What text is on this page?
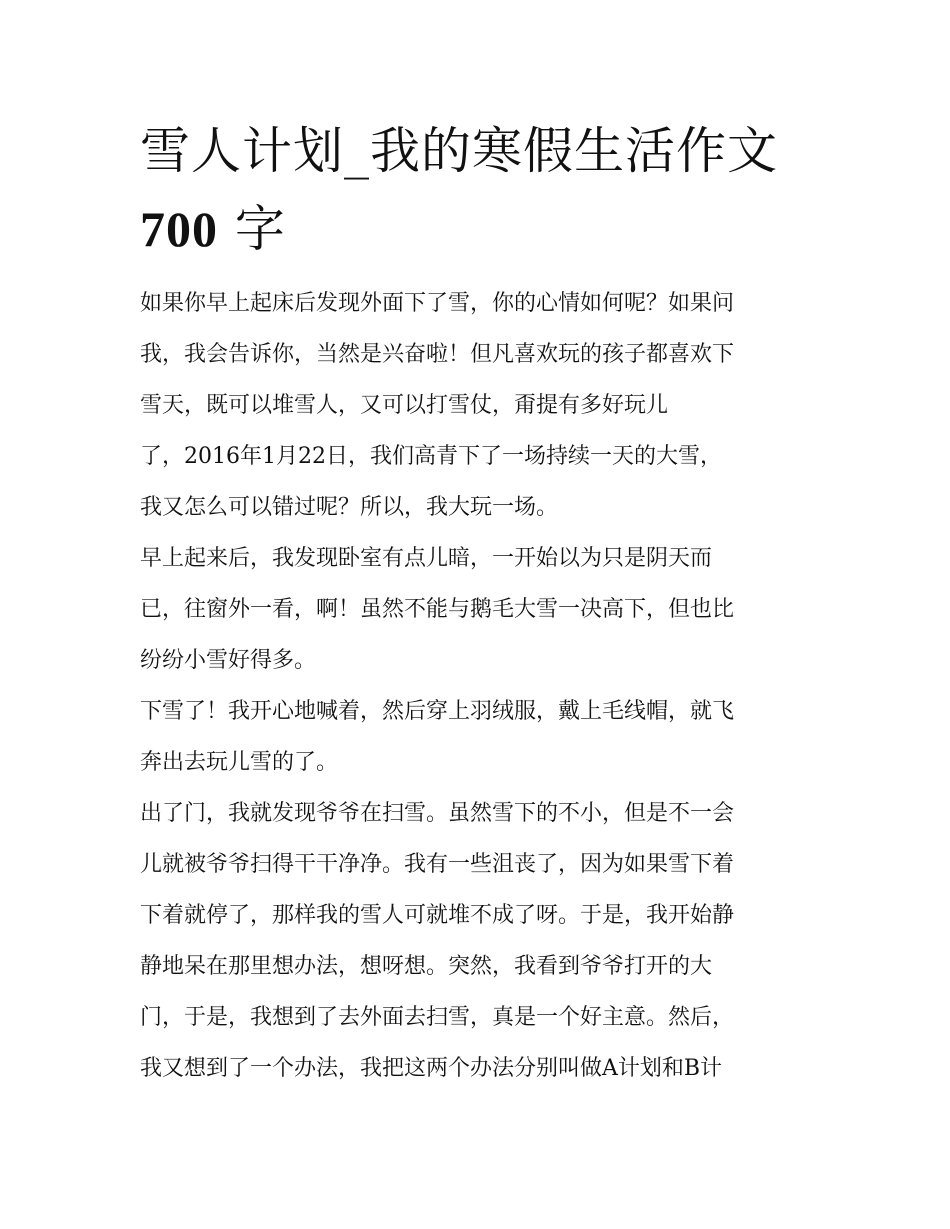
雪人计划_我的寒假生活作文
700 字
如果你早上起床后发现外面下了雪，你的心情如何呢？如果问
我，我会告诉你，当然是兴奋啦！但凡喜欢玩的孩子都喜欢下
雪天，既可以堆雪人，又可以打雪仗，甭提有多好玩儿
了，2016年1月22日，我们高青下了一场持续一天的大雪，
我又怎么可以错过呢？所以，我大玩一场。
早上起来后，我发现卧室有点儿暗，一开始以为只是阴天而
已，往窗外一看，啊！虽然不能与鹅毛大雪一决高下，但也比
纷纷小雪好得多。
下雪了！我开心地喊着，然后穿上羽绒服，戴上毛线帽，就飞
奔出去玩儿雪的了。
出了门，我就发现爷爷在扫雪。虽然雪下的不小，但是不一会
儿就被爷爷扫得干干净净。我有一些沮丧了，因为如果雪下着
下着就停了，那样我的雪人可就堆不成了呀。于是，我开始静
静地呆在那里想办法，想呀想。突然，我看到爷爷打开的大
门，于是，我想到了去外面去扫雪，真是一个好主意。然后，
我又想到了一个办法，我把这两个办法分别叫做A计划和B计
